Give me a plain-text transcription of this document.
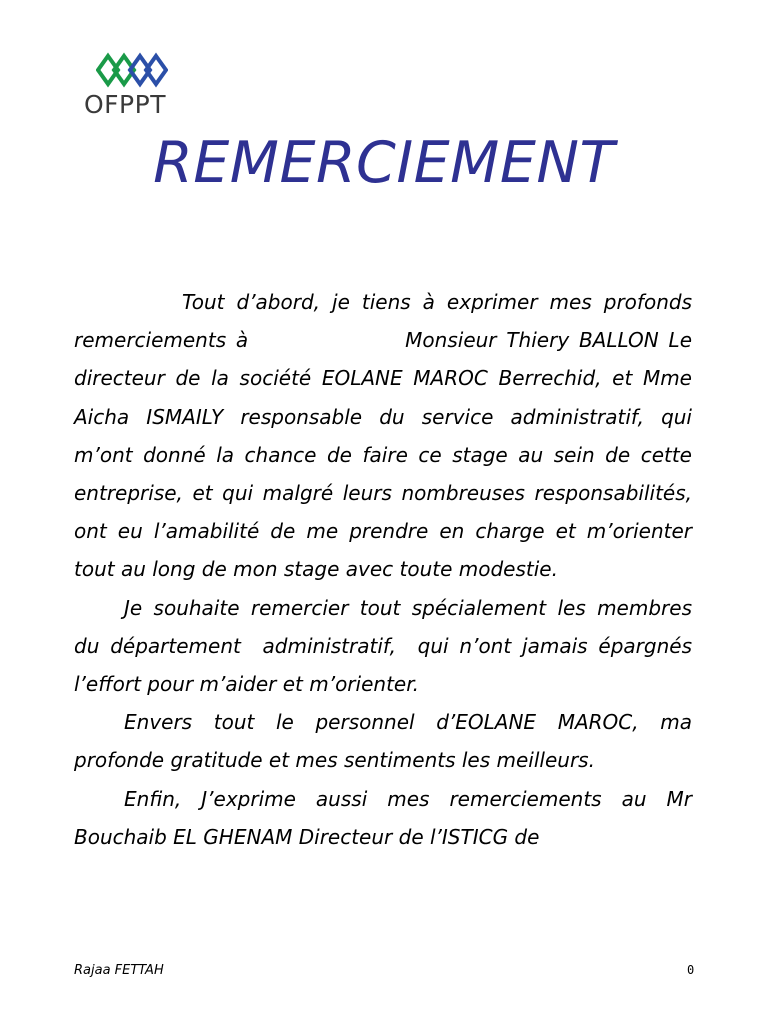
OFPPT
REMERCIEMENT

Tout d’abord, je tiens à exprimer mes profonds remerciements à                Monsieur Thiery BALLON Le directeur de la société EOLANE MAROC Berrechid, et Mme Aicha ISMAILY responsable du service administratif, qui m’ont donné la chance de faire ce stage au sein de cette entreprise, et qui malgré leurs nombreuses responsabilités, ont eu l’amabilité de me prendre en charge et m’orienter tout au long de mon stage avec toute modestie.

Je souhaite remercier tout spécialement les membres du département  administratif,  qui n’ont jamais épargnés l’effort pour m’aider et m’orienter.

Envers tout le personnel d’EOLANE MAROC, ma profonde gratitude et mes sentiments les meilleurs.

Enfin, J’exprime aussi mes remerciements au Mr Bouchaib EL GHENAM Directeur de l’ISTICG de

Rajaa FETTAH	0
